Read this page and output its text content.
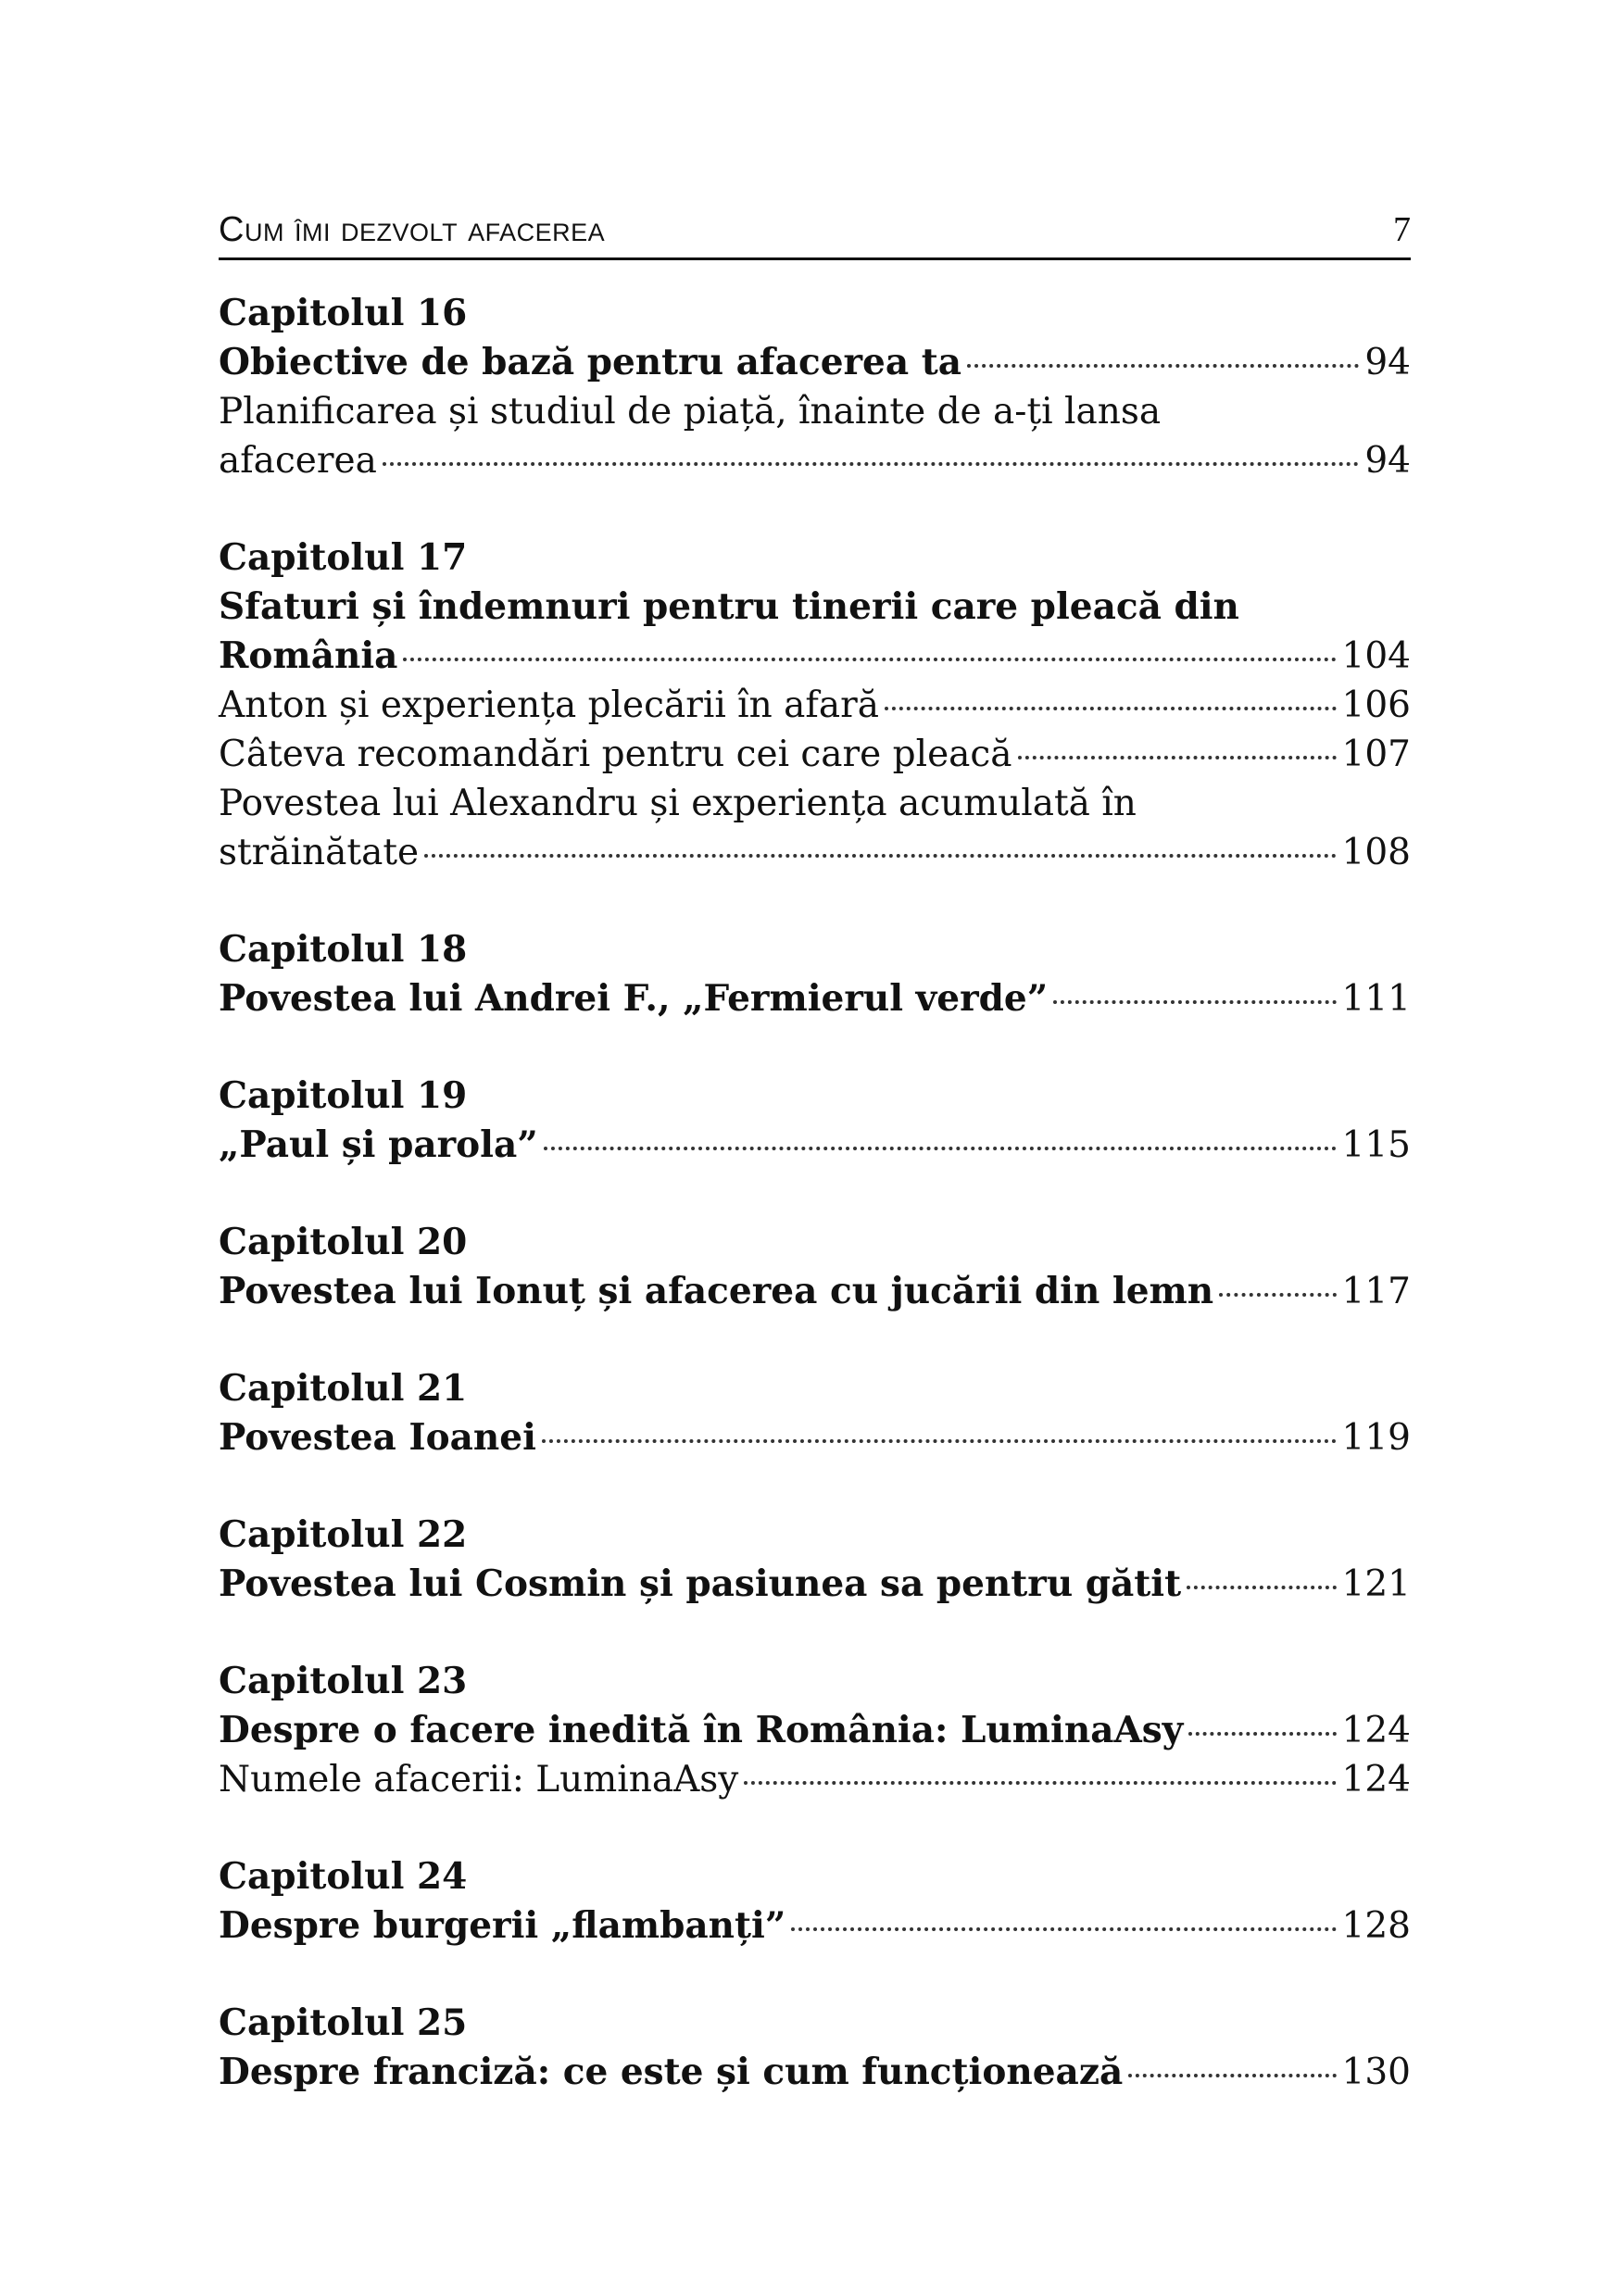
Cum îmi dezvolt afacerea	7
Capitolul 16
Obiective de bază pentru afacerea ta	94
Planificarea și studiul de piață, înainte de a-ți lansa
afacerea	94
Capitolul 17
Sfaturi și îndemnuri pentru tinerii care pleacă din
România	104
Anton și experiența plecării în afară	106
Câteva recomandări pentru cei care pleacă	107
Povestea lui Alexandru și experiența acumulată în
străinătate	108
Capitolul 18
Povestea lui Andrei F., „Fermierul verde”	111
Capitolul 19
„Paul și parola”	115
Capitolul 20
Povestea lui Ionuț și afacerea cu jucării din lemn	117
Capitolul 21
Povestea Ioanei	119
Capitolul 22
Povestea lui Cosmin și pasiunea sa pentru gătit	121
Capitolul 23
Despre o facere inedită în România: LuminaAsy	124
Numele afacerii: LuminaAsy	124
Capitolul 24
Despre burgerii „flambanți”	128
Capitolul 25
Despre franciză: ce este și cum funcționează	130
